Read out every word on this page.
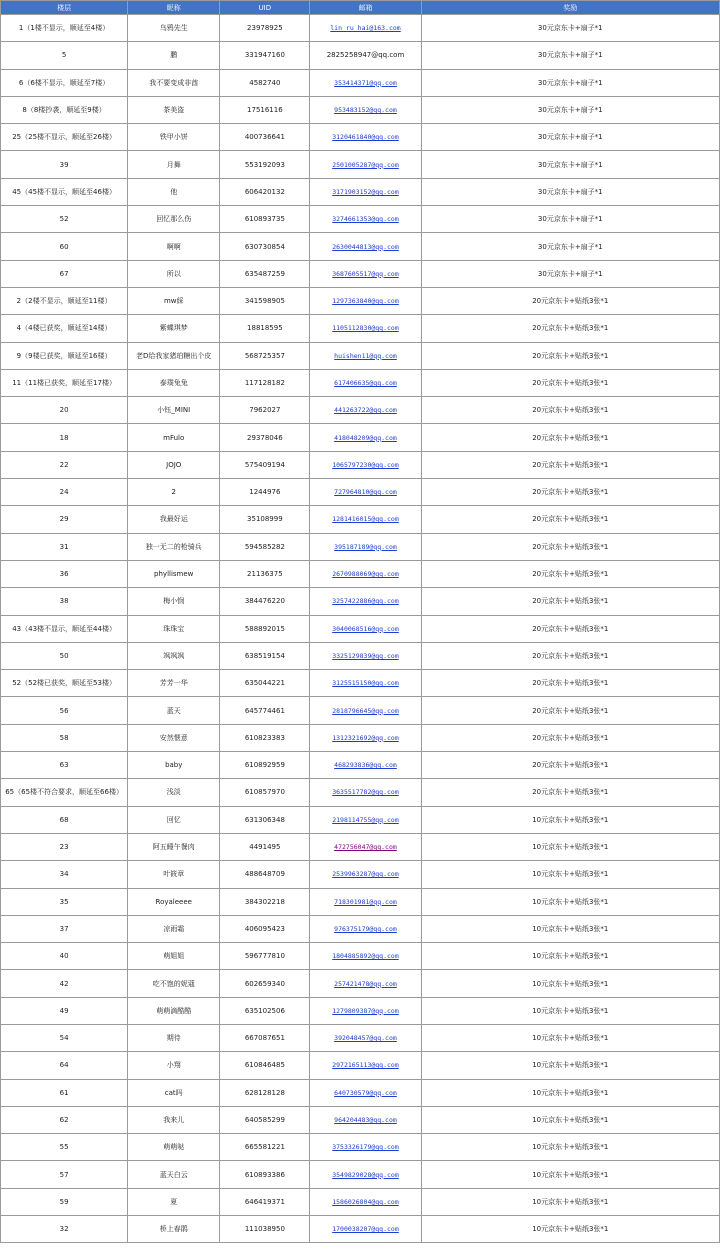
楼层	昵称	UID	邮箱	奖励
1（1楼不显示，顺延至4楼）	乌鸦先生	23978925	lin_ru_hai@163.com	30元京东卡+扇子*1
5	鹏	331947160	2825258947@qq.com	30元京东卡+扇子*1
6（6楼不显示，顺延至7楼）	我不要变成非酋	4582740	353414371@qq.com	30元京东卡+扇子*1
8（8楼抄袭，顺延至9楼）	茶美盗	17516116	953483152@qq.com	30元京东卡+扇子*1
25（25楼不显示，顺延至26楼）	铁甲小饼	400736641	3120461840@qq.com	30元京东卡+扇子*1
39	月舞	553192093	2501005287@qq.com	30元京东卡+扇子*1
45（45楼不显示，顺延至46楼）	他	606420132	3171903152@qq.com	30元京东卡+扇子*1
52	回忆那么伤	610893735	3274661353@qq.com	30元京东卡+扇子*1
60	啊啊	630730854	2630044813@qq.com	30元京东卡+扇子*1
67	所以	635487259	3687605517@qq.com	30元京东卡+扇子*1
2（2楼不显示，顺延至11楼）	mw綵	341598905	1297363840@qq.com	20元京东卡+贴纸3张*1
4（4楼已获奖，顺延至14楼）	紫蝶琪梦	18818595	1105112830@qq.com	20元京东卡+贴纸3张*1
9（9楼已获奖，顺延至16楼）	老D给我家猪珀糖出个皮	568725357	huishen11@qq.com	20元京东卡+贴纸3张*1
11（11楼已获奖，顺延至17楼）	泰璞兔兔	117128182	617406635@qq.com	20元京东卡+贴纸3张*1
20	小钰_MINI	7962027	441263722@qq.com	20元京东卡+贴纸3张*1
18	mFulo	29378046	418048209@qq.com	20元京东卡+贴纸3张*1
22	JOJO	575409194	1065797230@qq.com	20元京东卡+贴纸3张*1
24	2	1244976	727964810@qq.com	20元京东卡+贴纸3张*1
29	我最好运	35108999	1281416015@qq.com	20元京东卡+贴纸3张*1
31	独一无二的枪骑兵	594585282	395187189@qq.com	20元京东卡+贴纸3张*1
36	phyllismew	21136375	2670988069@qq.com	20元京东卡+贴纸3张*1
38	梅小悯	384476220	3257422886@qq.com	20元京东卡+贴纸3张*1
43（43楼不显示，顺延至44楼）	珠珠宝	588892015	3040068516@qq.com	20元京东卡+贴纸3张*1
50	飒飒飒	638519154	3325129839@qq.com	20元京东卡+贴纸3张*1
52（52楼已获奖，顺延至53楼）	芳芳一华	635044221	3125515150@qq.com	20元京东卡+贴纸3张*1
56	蓝天	645774461	2818796645@qq.com	20元京东卡+贴纸3张*1
58	安然惬意	610823383	1312321692@qq.com	20元京东卡+贴纸3张*1
63	baby	610892959	468293836@qq.com	20元京东卡+贴纸3张*1
65（65楼不符合要求，顺延至66楼）	浅淡	610857970	3635517782@qq.com	20元京东卡+贴纸3张*1
68	回忆	631306348	2198114755@qq.com	10元京东卡+贴纸3张*1
23	阿五睡午餐肉	4491495	472756047@qq.com	10元京东卡+贴纸3张*1
34	叶筱章	488648709	2539963287@qq.com	10元京东卡+贴纸3张*1
35	Royaleeee	384302218	718301981@qq.com	10元京东卡+贴纸3张*1
37	凉雨霜	406095423	976375179@qq.com	10元京东卡+贴纸3张*1
40	萌姐姐	596777810	1804885892@qq.com	10元京东卡+贴纸3张*1
42	吃不饱的妮蔻	602659340	257421478@qq.com	10元京东卡+贴纸3张*1
49	萌萌滴酷酷	635102506	1279809387@qq.com	10元京东卡+贴纸3张*1
54	期待	667087651	392048457@qq.com	10元京东卡+贴纸3张*1
64	小翔	610846485	2972165113@qq.com	10元京东卡+贴纸3张*1
61	cat吗	628128128	640730579@qq.com	10元京东卡+贴纸3张*1
62	我来儿	640585299	964204483@qq.com	10元京东卡+贴纸3张*1
55	萌萌哒	665581221	3753326179@qq.com	10元京东卡+贴纸3张*1
57	蓝天白云	610893386	3549829028@qq.com	10元京东卡+贴纸3张*1
59	夏	646419371	1586026804@qq.com	10元京东卡+贴纸3张*1
32	桥上春鹃	111038950	1700038207@qq.com	10元京东卡+贴纸3张*1
